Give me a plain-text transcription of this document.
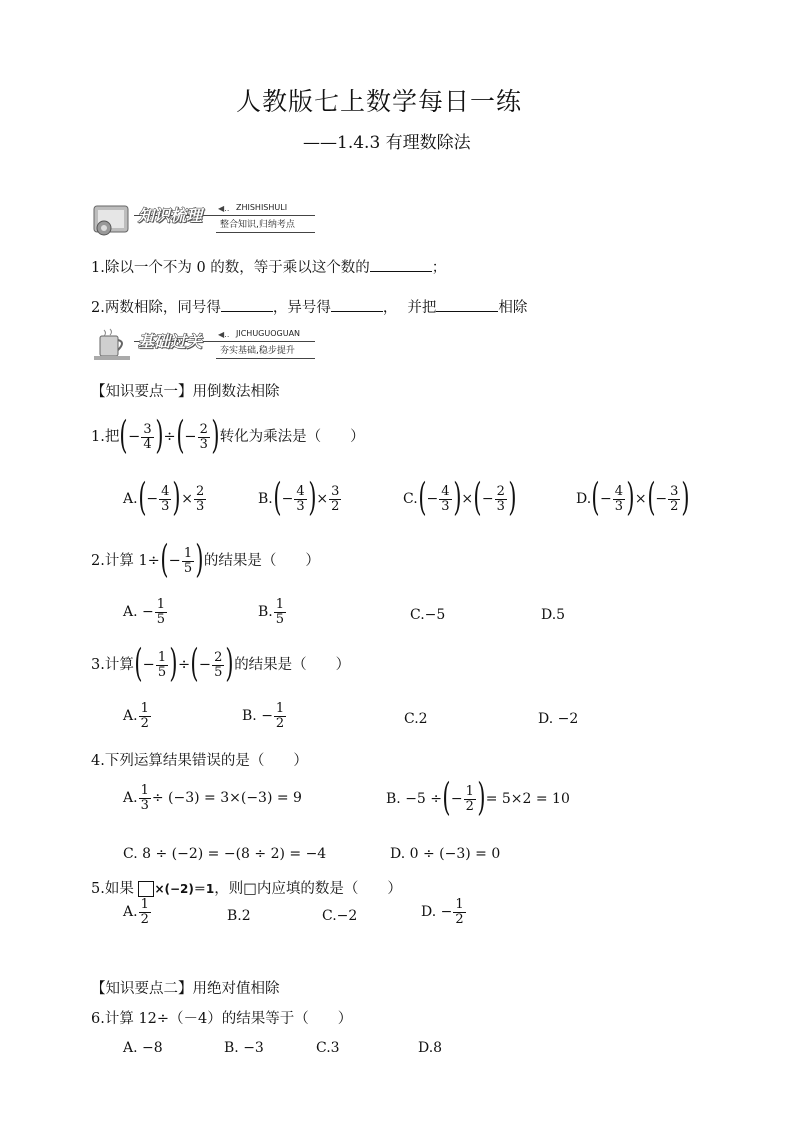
人教版七上数学每日一练
——1.4.3 有理数除法
知识梳理 ◀‥ ZHISHISHULI
整合知识,归纳考点
1.除以一个不为 0 的数，等于乘以这个数的	；
2.两数相除，同号得	，异号得	， 并把	相除
基础过关 ◀‥ JICHUGUOGUAN
夯实基础,稳步提升
【知识要点一】用倒数法相除
1.把(− $\frac{3}{4}$ )÷(− $\frac{2}{3}$ )转化为乘法是（　　）
$A.(- \frac{4}{3}$ )× $\frac{2}{3}$	$B.(- \frac{4}{3}$ )× $\frac{3}{2}$	$C.(- \frac{4}{3}$ )×(− $\frac{2}{3}$ )	$D.(- \frac{4}{3}$ )×(− $\frac{3}{2}$ )
2.计算 $1\div(- \frac{1}{5}$ )的结果是（　　）
A. − $\frac{1}{5}$	B. $\frac{1}{5}$	C.−5	D.5
3.计算(− $\frac{1}{5}$ )÷(− $\frac{2}{5}$ )的结果是（　　）
A. $\frac{1}{2}$	B. − $\frac{1}{2}$	C.2	D. −2
4.下列运算结果错误的是（　　）
A. $\frac{1}{3} \div (-3) = 3\times(-3) = 9$	B. −5 ÷(− $\frac{1}{2}$ )= 5×2 = 10
C. 8 ÷ (−2) = −(8 ÷ 2) = −4	D. 0 ÷ (−3) = 0
5.如果 ×(−2)＝1，则□内应填的数是（　　）
A. $\frac{1}{2}$	B.2	C.−2	D. − $\frac{1}{2}$
【知识要点二】用绝对值相除
6.计算 12÷（－4）的结果等于（　　）
A. −8	B. −3	C.3	D.8
